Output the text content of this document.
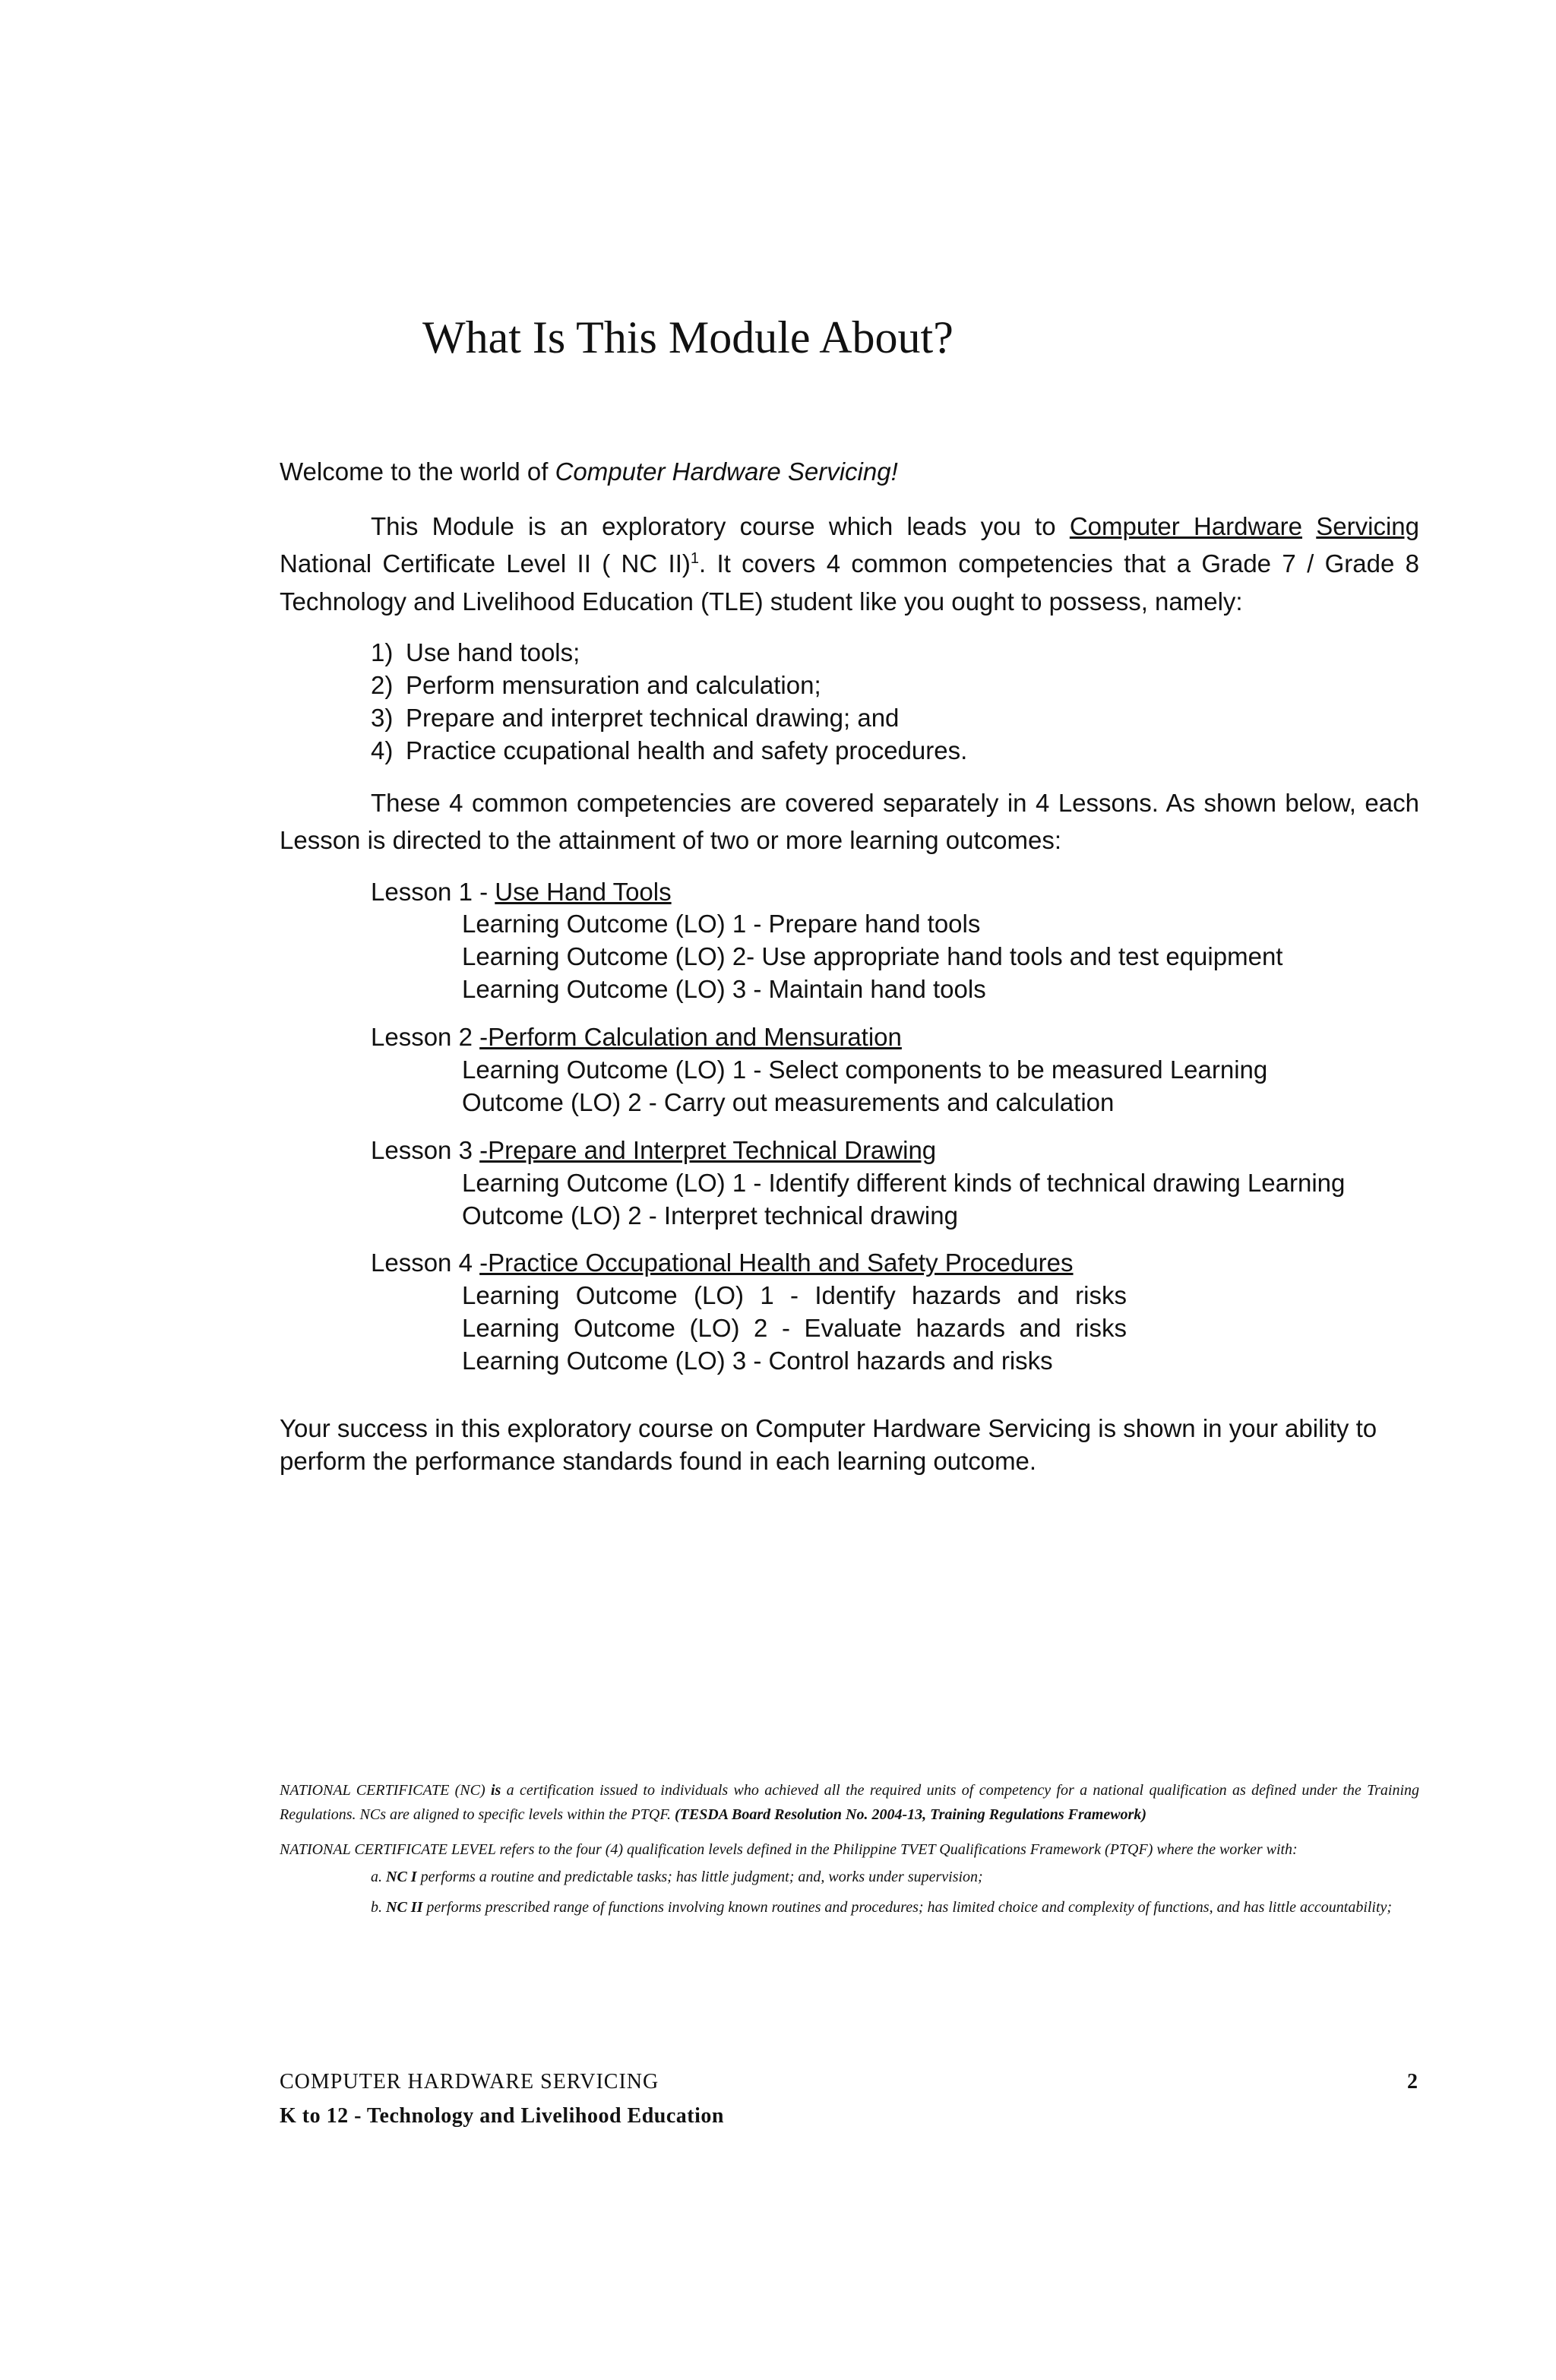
What Is This Module About?

Welcome to the world of Computer Hardware Servicing!

This Module is an exploratory course which leads you to Computer Hardware Servicing National Certificate Level II ( NC II)$^1$. It covers 4 common competencies that a Grade 7 / Grade 8 Technology and Livelihood Education (TLE) student like you ought to possess, namely:

1) Use hand tools;
2) Perform mensuration and calculation;
3) Prepare and interpret technical drawing; and
4) Practice ccupational health and safety procedures.

These 4 common competencies are covered separately in 4 Lessons. As shown below, each Lesson is directed to the attainment of two or more learning outcomes:

Lesson 1 - Use Hand Tools
Learning Outcome (LO) 1 - Prepare hand tools
Learning Outcome (LO) 2- Use appropriate hand tools and test equipment
Learning Outcome (LO) 3 - Maintain hand tools
Lesson 2 -Perform Calculation and Mensuration
Learning Outcome (LO) 1 - Select components to be measured Learning
Outcome (LO) 2 - Carry out measurements and calculation
Lesson 3 -Prepare and Interpret Technical Drawing
Learning Outcome (LO) 1 - Identify different kinds of technical drawing Learning
Outcome (LO) 2 - Interpret technical drawing
Lesson 4 -Practice Occupational Health and Safety Procedures
Learning Outcome (LO) 1 - Identify hazards and risks
Learning Outcome (LO) 2 - Evaluate hazards and risks
Learning Outcome (LO) 3 - Control hazards and risks

Your success in this exploratory course on Computer Hardware Servicing is shown in your ability to perform the performance standards found in each learning outcome.

NATIONAL CERTIFICATE (NC) is a certification issued to individuals who achieved all the required units of competency for a national qualification as defined under the Training Regulations. NCs are aligned to specific levels within the PTQF. (TESDA Board Resolution No. 2004-13, Training Regulations Framework)
NATIONAL CERTIFICATE LEVEL refers to the four (4) qualification levels defined in the Philippine TVET Qualifications Framework (PTQF) where the worker with:
a. NC I performs a routine and predictable tasks; has little judgment; and, works under supervision;
b. NC II performs prescribed range of functions involving known routines and procedures; has limited choice and complexity of functions, and has little accountability;
COMPUTER HARDWARE SERVICING
K to 12 - Technology and Livelihood Education
2
